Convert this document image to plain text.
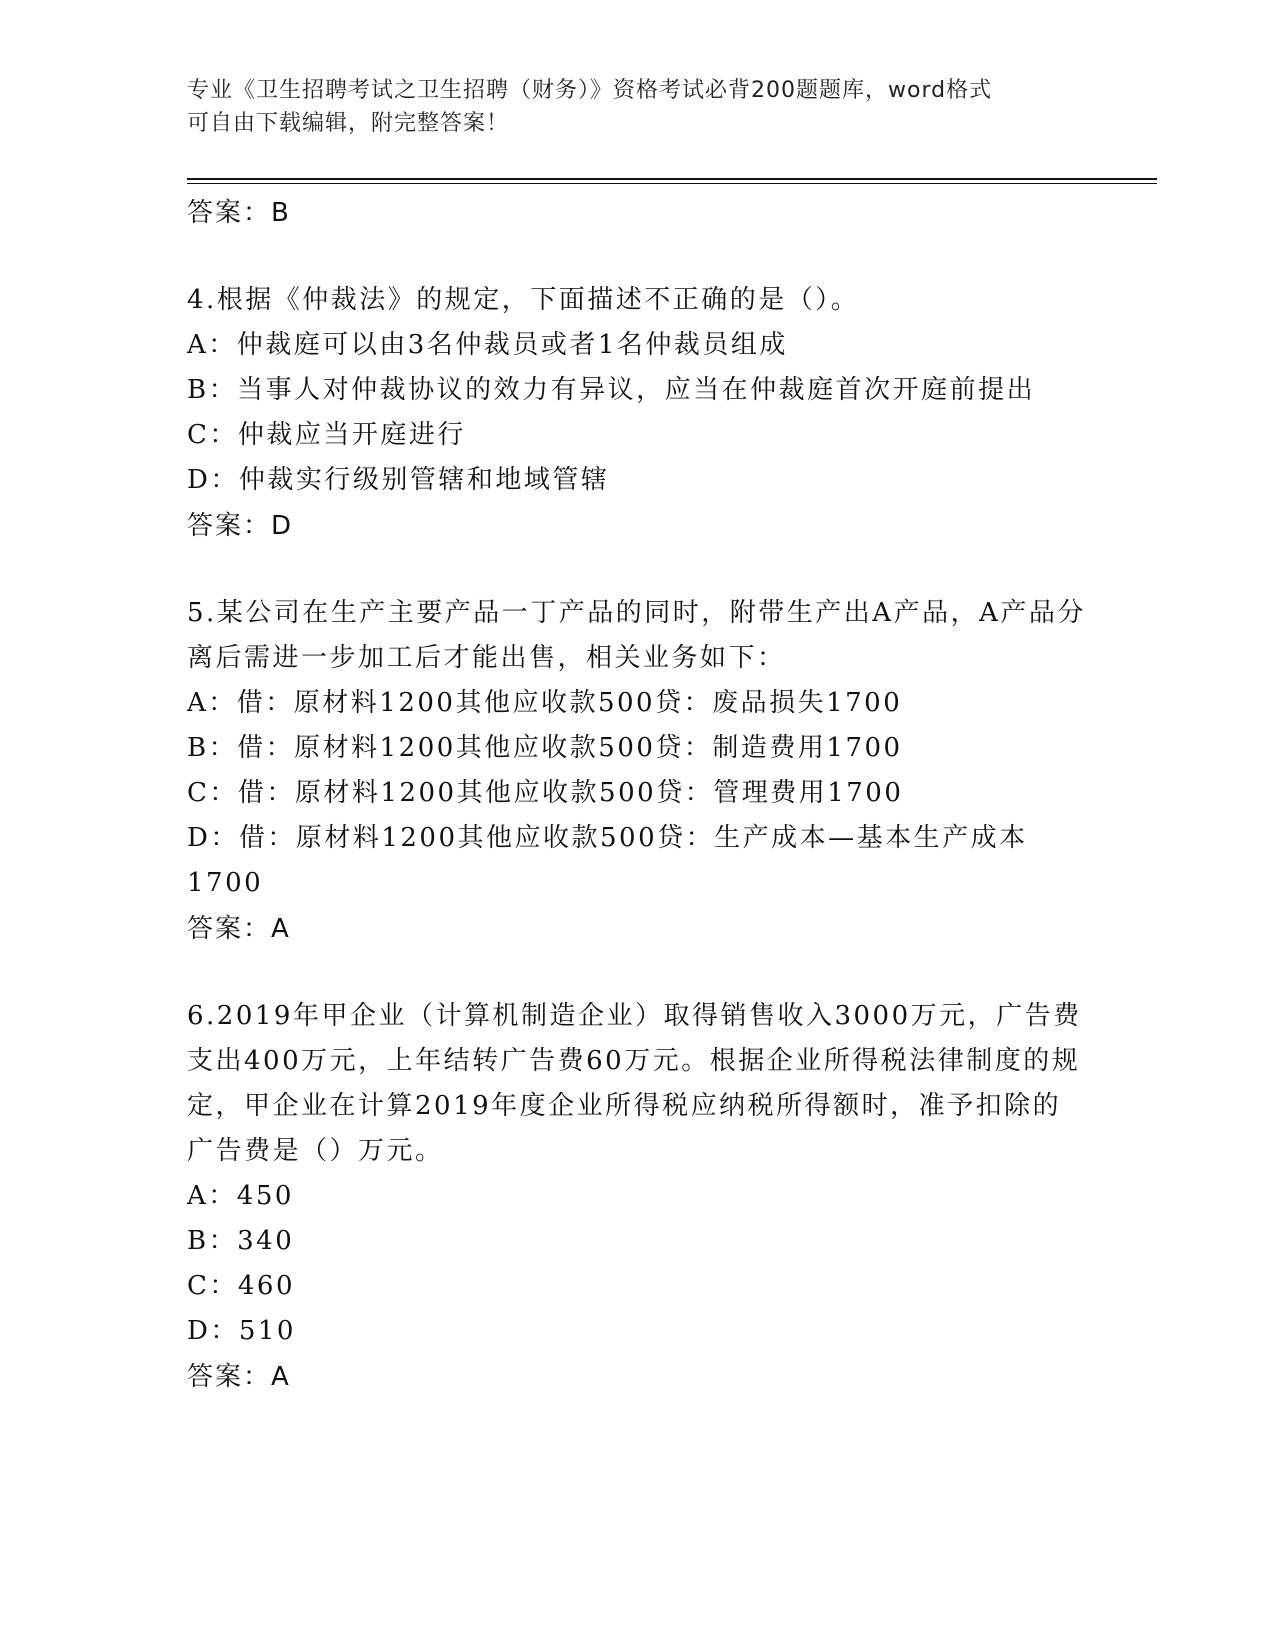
专业《卫生招聘考试之卫生招聘（财务）》资格考试必背200题题库，word格式
可自由下载编辑，附完整答案！
答案：B
4.根据《仲裁法》的规定，下面描述不正确的是（）。
A：仲裁庭可以由3名仲裁员或者1名仲裁员组成
B：当事人对仲裁协议的效力有异议，应当在仲裁庭首次开庭前提出
C：仲裁应当开庭进行
D：仲裁实行级别管辖和地域管辖
答案：D
5.某公司在生产主要产品一丁产品的同时，附带生产出A产品，A产品分离后需进一步加工后才能出售，相关业务如下：
A：借：原材料1200其他应收款500贷：废品损失1700
B：借：原材料1200其他应收款500贷：制造费用1700
C：借：原材料1200其他应收款500贷：管理费用1700
D：借：原材料1200其他应收款500贷：生产成本—基本生产成本1700
答案：A
6.2019年甲企业（计算机制造企业）取得销售收入3000万元，广告费支出400万元，上年结转广告费60万元。根据企业所得税法律制度的规定，甲企业在计算2019年度企业所得税应纳税所得额时，准予扣除的广告费是（）万元。
A：450
B：340
C：460
D：510
答案：A
